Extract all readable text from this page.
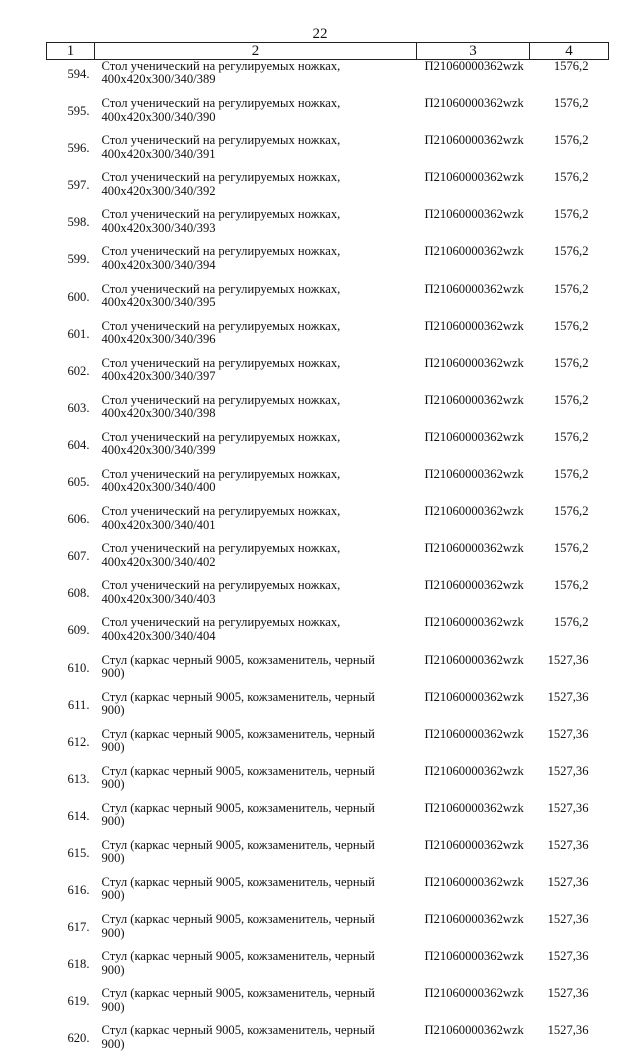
22
1	2	3	4
594.	Стол ученический на регулируемых ножках,
400x420x300/340/389	П21060000362wzk	1576,2
595.	Стол ученический на регулируемых ножках,
400x420x300/340/390	П21060000362wzk	1576,2
596.	Стол ученический на регулируемых ножках,
400x420x300/340/391	П21060000362wzk	1576,2
597.	Стол ученический на регулируемых ножках,
400x420x300/340/392	П21060000362wzk	1576,2
598.	Стол ученический на регулируемых ножках,
400x420x300/340/393	П21060000362wzk	1576,2
599.	Стол ученический на регулируемых ножках,
400x420x300/340/394	П21060000362wzk	1576,2
600.	Стол ученический на регулируемых ножках,
400x420x300/340/395	П21060000362wzk	1576,2
601.	Стол ученический на регулируемых ножках,
400x420x300/340/396	П21060000362wzk	1576,2
602.	Стол ученический на регулируемых ножках,
400x420x300/340/397	П21060000362wzk	1576,2
603.	Стол ученический на регулируемых ножках,
400x420x300/340/398	П21060000362wzk	1576,2
604.	Стол ученический на регулируемых ножках,
400x420x300/340/399	П21060000362wzk	1576,2
605.	Стол ученический на регулируемых ножках,
400x420x300/340/400	П21060000362wzk	1576,2
606.	Стол ученический на регулируемых ножках,
400x420x300/340/401	П21060000362wzk	1576,2
607.	Стол ученический на регулируемых ножках,
400x420x300/340/402	П21060000362wzk	1576,2
608.	Стол ученический на регулируемых ножках,
400x420x300/340/403	П21060000362wzk	1576,2
609.	Стол ученический на регулируемых ножках,
400x420x300/340/404	П21060000362wzk	1576,2
610.	Стул (каркас черный 9005, кожзаменитель, черный
900)	П21060000362wzk	1527,36
611.	Стул (каркас черный 9005, кожзаменитель, черный
900)	П21060000362wzk	1527,36
612.	Стул (каркас черный 9005, кожзаменитель, черный
900)	П21060000362wzk	1527,36
613.	Стул (каркас черный 9005, кожзаменитель, черный
900)	П21060000362wzk	1527,36
614.	Стул (каркас черный 9005, кожзаменитель, черный
900)	П21060000362wzk	1527,36
615.	Стул (каркас черный 9005, кожзаменитель, черный
900)	П21060000362wzk	1527,36
616.	Стул (каркас черный 9005, кожзаменитель, черный
900)	П21060000362wzk	1527,36
617.	Стул (каркас черный 9005, кожзаменитель, черный
900)	П21060000362wzk	1527,36
618.	Стул (каркас черный 9005, кожзаменитель, черный
900)	П21060000362wzk	1527,36
619.	Стул (каркас черный 9005, кожзаменитель, черный
900)	П21060000362wzk	1527,36
620.	Стул (каркас черный 9005, кожзаменитель, черный
900)	П21060000362wzk	1527,36
